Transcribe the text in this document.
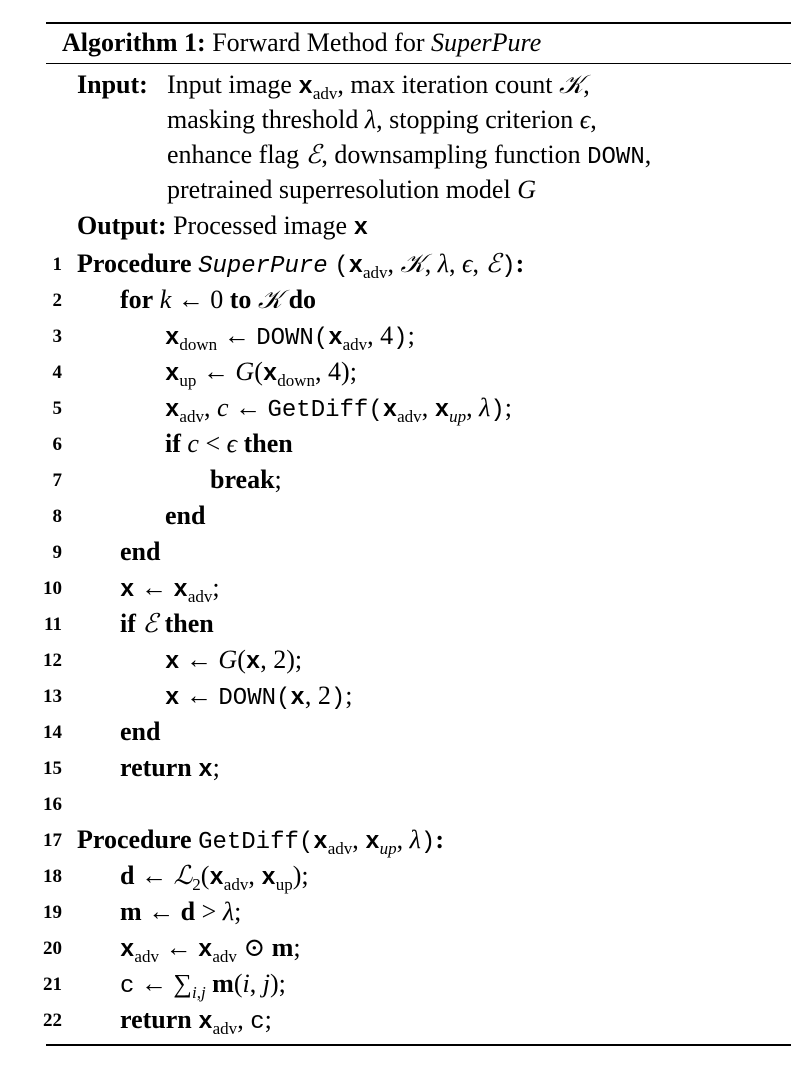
Algorithm 1: Forward Method for SuperPure
Input: Input image $x_{adv}$, max iteration count 𝒦,
masking threshold λ, stopping criterion ϵ,
enhance flag ℰ, downsampling function DOWN,
pretrained superresolution model G
Output: Processed image x
1 Procedure SuperPure ($x_{adv}$, 𝒦, λ, ϵ, ℰ):
2 for k ← 0 to 𝒦 do
3	$x_{down}$ ← $DOWN(x_{adv}$, 4);
4	$x_{up}$ ← $G(x_{down}$, 4);
5	$x_{adv}$, c ← $GetDiff(x_{adv}$, $x_{up}$, λ);
6	if c < ϵ then
7	break;
8	end
9 end
10 x ← $x_{adv}$;
11 if ℰ then
12	x ← G(x, 2);
13	x ← DOWN(x, 2);
14 end
15 return x;
16
17 Procedure $GetDiff(x_{adv}$, $x_{up}$, λ):
18 d ← $ℒ_2(x_{adv}$, $x_{up}$);
19 m ← d > λ;
20 $x_{adv}$ ← $x_{adv}$ ⊙ m;
21 c ← $\sum_{i,j}$ m(i, j);
22 return $x_{adv}$, c;
